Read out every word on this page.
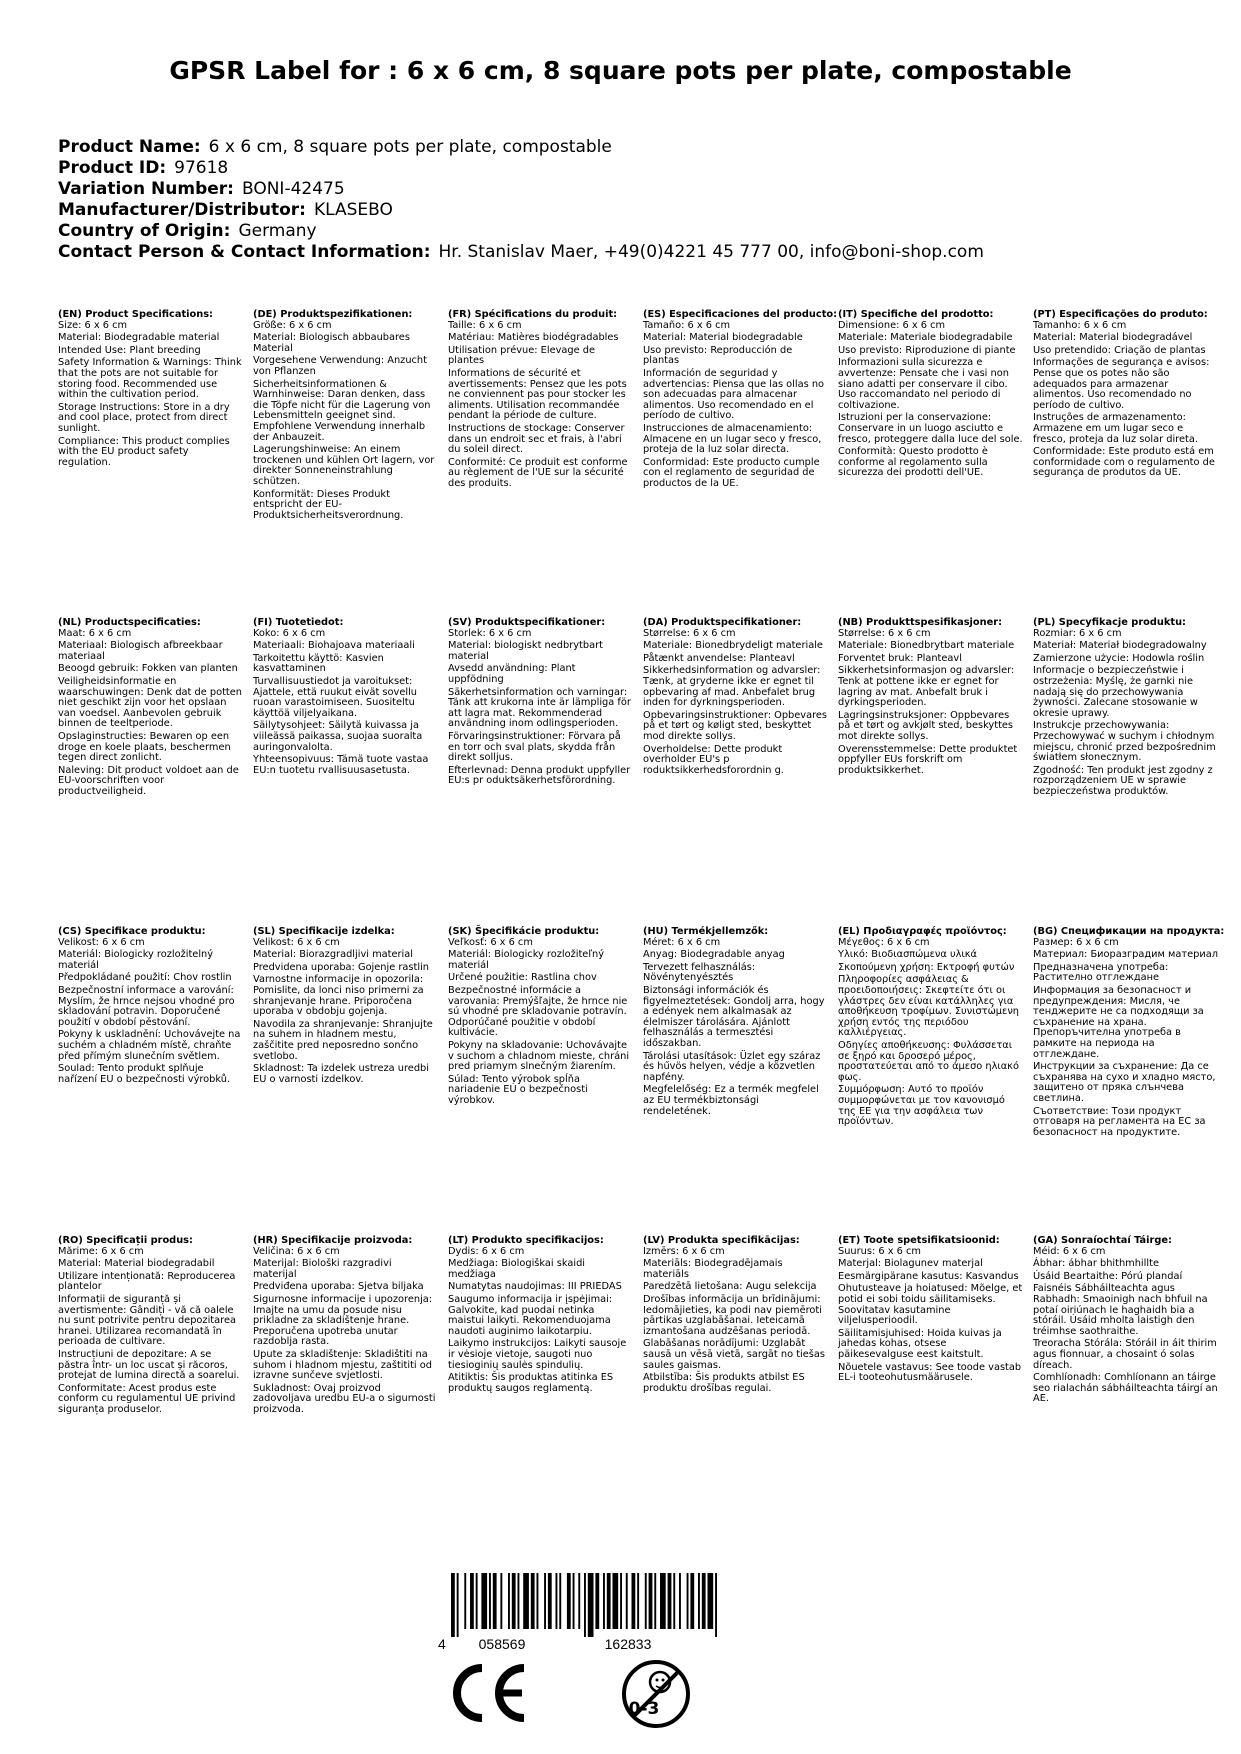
GPSR Label for : 6 x 6 cm, 8 square pots per plate, compostable
Product Name: 6 x 6 cm, 8 square pots per plate, compostable
Product ID: 97618
Variation Number: BONI-42475
Manufacturer/Distributor: KLASEBO
Country of Origin: Germany
Contact Person & Contact Information: Hr. Stanislav Maer, +49(0)4221 45 777 00, info@boni-shop.com
(EN) Product Specifications:
Size: 6 x 6 cm
Material: Biodegradable material
Intended Use: Plant breeding
Safety Information & Warnings: Think that the pots are not suitable for storing food. Recommended use within the cultivation period.
Storage Instructions: Store in a dry and cool place, protect from direct sunlight.
Compliance: This product complies with the EU product safety regulation.
(DE) Produktspezifikationen:
Größe: 6 x 6 cm
Material: Biologisch abbaubares Material
Vorgesehene Verwendung: Anzucht von Pflanzen
Sicherheitsinformationen & Warnhinweise: Daran denken, dass die Töpfe nicht für die Lagerung von Lebensmitteln geeignet sind. Empfohlene Verwendung innerhalb der Anbauzeit.
Lagerungshinweise: An einem trockenen und kühlen Ort lagern, vor direkter Sonneneinstrahlung schützen.
Konformität: Dieses Produkt entspricht der EU-Produktsicherheitsverordnung.
(FR) Spécifications du produit:
Taille: 6 x 6 cm
Matériau: Matières biodégradables
Utilisation prévue: Elevage de plantes
Informations de sécurité et avertissements: Pensez que les pots ne conviennent pas pour stocker les aliments. Utilisation recommandée pendant la période de culture.
Instructions de stockage: Conserver dans un endroit sec et frais, à l'abri du soleil direct.
Conformité: Ce produit est conforme au règlement de l'UE sur la sécurité des produits.
(ES) Especificaciones del producto:
Tamaño: 6 x 6 cm
Material: Material biodegradable
Uso previsto: Reproducción de plantas
Información de seguridad y advertencias: Piensa que las ollas no son adecuadas para almacenar alimentos. Uso recomendado en el período de cultivo.
Instrucciones de almacenamiento: Almacene en un lugar seco y fresco, proteja de la luz solar directa.
Conformidad: Este producto cumple con el reglamento de seguridad de productos de la UE.
(IT) Specifiche del prodotto:
Dimensione: 6 x 6 cm
Materiale: Materiale biodegradabile
Uso previsto: Riproduzione di piante
Informazioni sulla sicurezza e avvertenze: Pensate che i vasi non siano adatti per conservare il cibo. Uso raccomandato nel periodo di coltivazione.
Istruzioni per la conservazione: Conservare in un luogo asciutto e fresco, proteggere dalla luce del sole.
Conformità: Questo prodotto è conforme al regolamento sulla sicurezza dei prodotti dell'UE.
(PT) Especificações do produto:
Tamanho: 6 x 6 cm
Material: Material biodegradável
Uso pretendido: Criação de plantas
Informações de segurança e avisos: Pense que os potes não são adequados para armazenar alimentos. Uso recomendado no período de cultivo.
Instruções de armazenamento: Armazene em um lugar seco e fresco, proteja da luz solar direta.
Conformidade: Este produto está em conformidade com o regulamento de segurança de produtos da UE.
(NL) Productspecificaties:
Maat: 6 x 6 cm
Materiaal: Biologisch afbreekbaar materiaal
Beoogd gebruik: Fokken van planten
Veiligheidsinformatie en waarschuwingen: Denk dat de potten niet geschikt zijn voor het opslaan van voedsel. Aanbevolen gebruik binnen de teeltperiode.
Opslaginstructies: Bewaren op een droge en koele plaats, beschermen tegen direct zonlicht.
Naleving: Dit product voldoet aan de EU-voorschriften voor productveiligheid.
(FI) Tuotetiedot:
Koko: 6 x 6 cm
Materiaali: Biohajoava materiaali
Tarkoitettu käyttö: Kasvien kasvattaminen
Turvallisuustiedot ja varoitukset: Ajattele, että ruukut eivät sovellu ruoan varastoimiseen. Suositeltu käyttöä viljelyaikana.
Säilytysohjeet: Säilytä kuivassa ja viileässä paikassa, suojaa suoralta auringonvalolta.
Yhteensopivuus: Tämä tuote vastaa EU:n tuotetu rvallisuusasetusta.
(SV) Produktspecifikationer:
Storlek: 6 x 6 cm
Material: biologiskt nedbrytbart material
Avsedd användning: Plant uppfödning
Säkerhetsinformation och varningar: Tänk att krukorna inte är lämpliga för att lagra mat. Rekommenderad användning inom odlingsperioden.
Förvaringsinstruktioner: Förvara på en torr och sval plats, skydda från direkt solljus.
Efterlevnad: Denna produkt uppfyller EU:s pr oduktsäkerhetsförordning.
(DA) Produktspecifikationer:
Størrelse: 6 x 6 cm
Materiale: Bionedbrydeligt materiale
Påtænkt anvendelse: Planteavl
Sikkerhedsinformation og advarsler: Tænk, at gryderne ikke er egnet til opbevaring af mad. Anbefalet brug inden for dyrkningsperioden.
Opbevaringsinstruktioner: Opbevares på et tørt og køligt sted, beskyttet mod direkte sollys.
Overholdelse: Dette produkt overholder EU's p roduktsikkerhedsforordnin g.
(NB) Produkttspesifikasjoner:
Størrelse: 6 x 6 cm
Materiale: Bionedbrytbart materiale
Forventet bruk: Planteavl
Sikkerhetsinformasjon og advarsler: Tenk at pottene ikke er egnet for lagring av mat. Anbefalt bruk i dyrkingsperioden.
Lagringsinstruksjoner: Oppbevares på et tørt og avkjølt sted, beskyttes mot direkte sollys.
Overensstemmelse: Dette produktet oppfyller EUs forskrift om produktsikkerhet.
(PL) Specyfikacje produktu:
Rozmiar: 6 x 6 cm
Materiał: Materiał biodegradowalny
Zamierzone użycie: Hodowla roślin
Informacje o bezpieczeństwie i ostrzeżenia: Myślę, że garnki nie nadają się do przechowywania żywności. Zalecane stosowanie w okresie uprawy.
Instrukcje przechowywania: Przechowywać w suchym i chłodnym miejscu, chronić przed bezpośrednim światłem słonecznym.
Zgodność: Ten produkt jest zgodny z rozporządzeniem UE w sprawie bezpieczeństwa produktów.
(CS) Specifikace produktu:
Velikost: 6 x 6 cm
Materiál: Biologicky rozložitelný materiál
Předpokládané použití: Chov rostlin
Bezpečnostní informace a varování: Myslím, že hrnce nejsou vhodné pro skladování potravin. Doporučené použití v období pěstování.
Pokyny k uskladnění: Uchovávejte na suchém a chladném místě, chraňte před přímým slunečním světlem.
Soulad: Tento produkt splňuje nařízení EU o bezpečnosti výrobků.
(SL) Specifikacije izdelka:
Velikost: 6 x 6 cm
Material: Biorazgradljivi material
Predvidena uporaba: Gojenje rastlin
Varnostne informacije in opozorila: Pomislite, da lonci niso primerni za shranjevanje hrane. Priporočena uporaba v obdobju gojenja.
Navodila za shranjevanje: Shranjujte na suhem in hladnem mestu, zaščitite pred neposredno sončno svetlobo.
Skladnost: Ta izdelek ustreza uredbi EU o varnosti izdelkov.
(SK) Špecifikácie produktu:
Veľkosť: 6 x 6 cm
Materiál: Biologicky rozložiteľný materiál
Určené použitie: Rastlina chov
Bezpečnostné informácie a varovania: Premýšľajte, že hrnce nie sú vhodné pre skladovanie potravín. Odporúčané použitie v období kultivácie.
Pokyny na skladovanie: Uchovávajte v suchom a chladnom mieste, chráni pred priamym slnečným žiarením.
Súlad: Tento výrobok spĺňa nariadenie EÚ o bezpečnosti výrobkov.
(HU) Termékjellemzők:
Méret: 6 x 6 cm
Anyag: Biodegradable anyag
Tervezett felhasználás: Növénytenyésztés
Biztonsági információk és figyelmeztetések: Gondolj arra, hogy a edények nem alkalmasak az élelmiszer tárolására. Ajánlott felhasználás a termesztési időszakban.
Tárolási utasítások: Üzlet egy száraz és hűvös helyen, védje a közvetlen napfény.
Megfelelőség: Ez a termék megfelel az EU termékbiztonsági rendeletének.
(EL) Προδιαγραφές προϊόντος:
Μέγεθος: 6 x 6 cm
Υλικό: Βιοδιασπώμενα υλικά
Σκοπούμενη χρήση: Εκτροφή φυτών
Πληροφορίες ασφάλειας & προειδοποιήσεις: Σκεφτείτε ότι οι γλάστρες δεν είναι κατάλληλες για αποθήκευση τροφίμων. Συνιστώμενη χρήση εντός της περιόδου καλλιέργειας.
Οδηγίες αποθήκευσης: Φυλάσσεται σε ξηρό και δροσερό μέρος, προστατεύεται από το άμεσο ηλιακό φως.
Συμμόρφωση: Αυτό το προϊόν συμμορφώνεται με τον κανονισμό της ΕΕ για την ασφάλεια των προϊόντων.
(BG) Спецификации на продукта:
Размер: 6 x 6 cm
Материал: Биоразградим материал
Предназначена употреба: Растително отглеждане
Информация за безопасност и предупреждения: Мисля, че тенджерите не са подходящи за съхранение на храна. Препоръчителна употреба в рамките на периода на отглеждане.
Инструкции за съхранение: Да се съхранява на сухо и хладно място, защитено от пряка слънчева светлина.
Съответствие: Този продукт отговаря на регламента на ЕС за безопасност на продуктите.
(RO) Specificații produs:
Mărime: 6 x 6 cm
Material: Material biodegradabil
Utilizare intenționată: Reproducerea plantelor
Informații de siguranță și avertismente: Gândiți - vă că oalele nu sunt potrivite pentru depozitarea hranei. Utilizarea recomandată în perioada de cultivare.
Instrucțiuni de depozitare: A se păstra într- un loc uscat și răcoros, protejat de lumina directă a soarelui.
Conformitate: Acest produs este conform cu regulamentul UE privind siguranța produselor.
(HR) Specifikacije proizvoda:
Veličina: 6 x 6 cm
Materijal: Biološki razgradivi materijal
Predviđena uporaba: Sjetva biljaka
Sigurnosne informacije i upozorenja: Imajte na umu da posude nisu prikladne za skladištenje hrane. Preporučena upotreba unutar razdoblja rasta.
Upute za skladištenje: Skladištiti na suhom i hladnom mjestu, zaštititi od izravne sunčeve svjetlosti.
Sukladnost: Ovaj proizvod zadovoljava uredbu EU-a o sigurnosti proizvoda.
(LT) Produkto specifikacijos:
Dydis: 6 x 6 cm
Medžiaga: Biologiškai skaidi medžiaga
Numatytas naudojimas: III PRIEDAS
Saugumo informacija ir įspėjimai: Galvokite, kad puodai netinka maistui laikyti. Rekomenduojama naudoti auginimo laikotarpiu.
Laikymo instrukcijos: Laikyti sausoje ir vėsioje vietoje, saugoti nuo tiesioginių saulės spindulių.
Atitiktis: Šis produktas atitinka ES produktų saugos reglamentą.
(LV) Produkta specifikācijas:
Izmērs: 6 x 6 cm
Materiāls: Biodegradējamais materiāls
Paredzētā lietošana: Augu selekcija
Drošības informācija un brīdinājumi: Iedomājieties, ka podi nav piemēroti pārtikas uzglabāšanai. Ieteicamā izmantošana audzēšanas periodā.
Glabāšanas norādījumi: Uzglabāt sausā un vēsā vietā, sargāt no tiešas saules gaismas.
Atbilstība: Šis produkts atbilst ES produktu drošības regulai.
(ET) Toote spetsifikatsioonid:
Suurus: 6 x 6 cm
Materjal: Biolagunev materjal
Eesmärgipärane kasutus: Kasvandus
Ohutusteave ja hoiatused: Mõelge, et potid ei sobi toidu säilitamiseks. Soovitatav kasutamine viljelusperioodil.
Säilitamisjuhised: Hoida kuivas ja jahedas kohas, otsese päikesevalguse eest kaitstult.
Nõuetele vastavus: See toode vastab EL-i tooteohutusmäärusele.
(GA) Sonraíochtaí Táirge:
Méid: 6 x 6 cm
Ábhar: ábhar bhithmhillte
Úsáid Beartaithe: Pórú plandaí
Faisnéis Sábháilteachta agus Rabhadh: Smaoinigh nach bhfuil na potaí oiriúnach le haghaidh bia a stóráil. Úsáid mholta laistigh den tréimhse saothraithe.
Treoracha Stórála: Stóráil in áit thirim agus fionnuar, a chosaint ó solas díreach.
Comhlíonadh: Comhlíonann an táirge seo rialachán sábháilteachta táirgí an AE.
4 058569	162833
0-3
